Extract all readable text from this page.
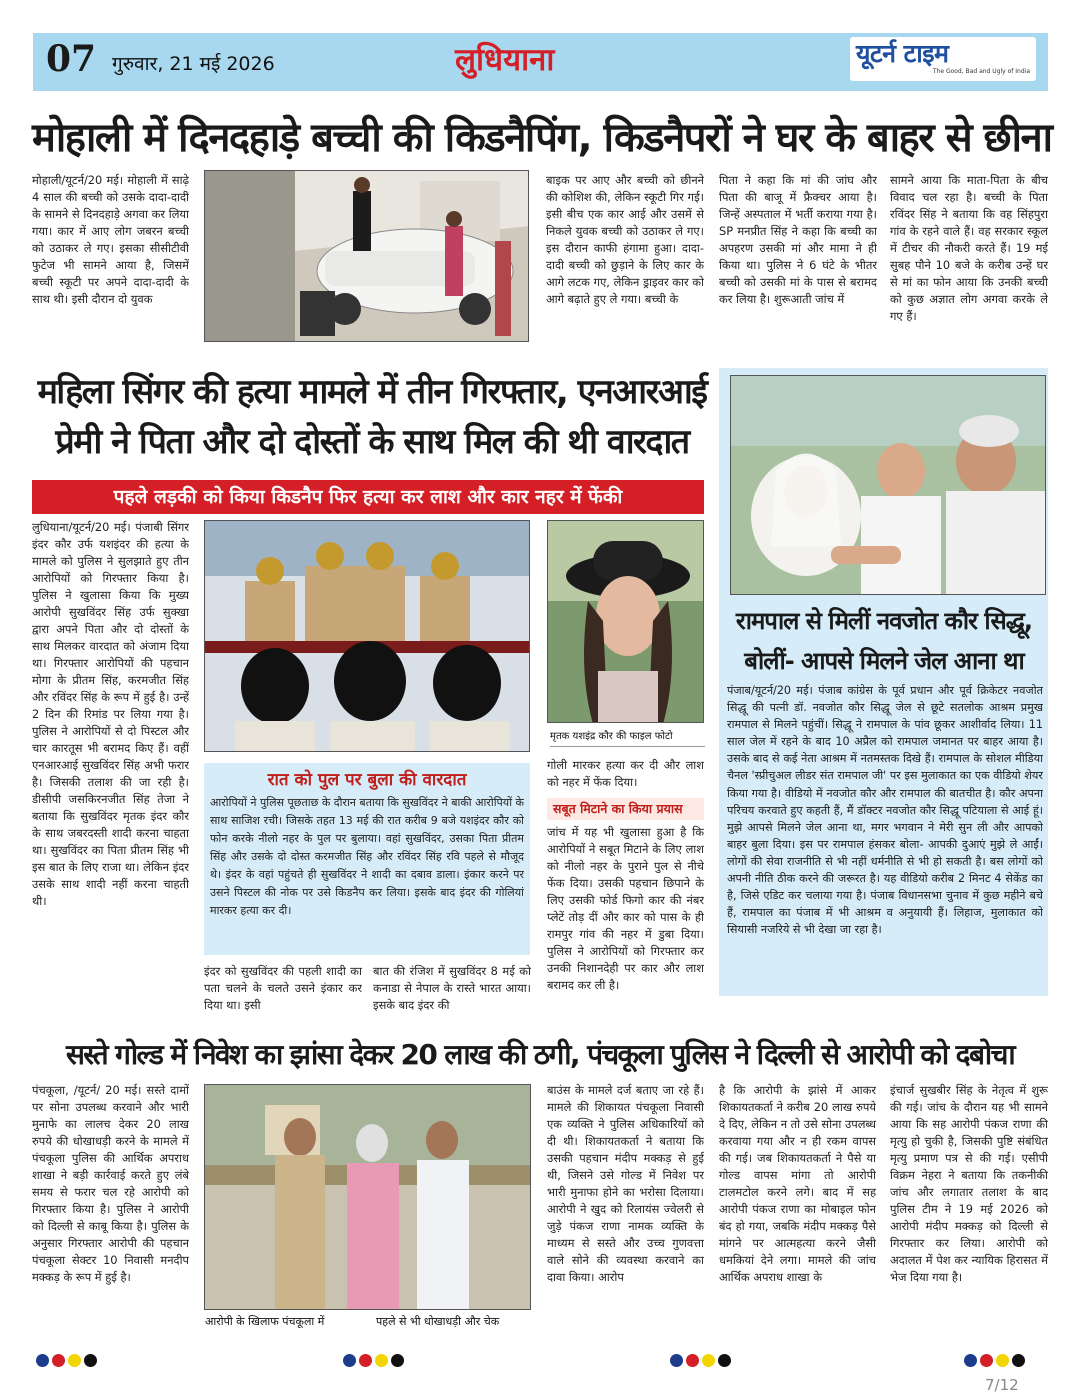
07 गुरुवार, 21 मई 2026	लुधियाना	यूटर्न टाइम
The Good, Bad and Ugly of India
मोहाली में दिनदहाड़े बच्ची की किडनैपिंग, किडनैपरों ने घर के बाहर से छीना
मोहाली/यूटर्न/20 मई। मोहाली में साढ़े 4 साल की बच्ची को उसके दादा-दादी के सामने से दिनदहाड़े अगवा कर लिया गया। कार में आए लोग जबरन बच्ची को उठाकर ले गए। इसका सीसीटीवी फुटेज भी सामने आया है, जिसमें बच्ची स्कूटी पर अपने दादा-दादी के साथ थी। इसी दौरान दो युवक
बाइक पर आए और बच्ची को छीनने की कोशिश की, लेकिन स्कूटी गिर गई। इसी बीच एक कार आई और उसमें से निकले युवक बच्ची को उठाकर ले गए। इस दौरान काफी हंगामा हुआ। दादा-दादी बच्ची को छुड़ाने के लिए कार के आगे लटक गए, लेकिन ड्राइवर कार को आगे बढ़ाते हुए ले गया। बच्ची के
पिता ने कहा कि मां की जांघ और पिता की बाजू में फ्रैक्चर आया है। जिन्हें अस्पताल में भर्ती कराया गया है। SP मनप्रीत सिंह ने कहा कि बच्ची का अपहरण उसकी मां और मामा ने ही किया था। पुलिस ने 6 घंटे के भीतर बच्ची को उसकी मां के पास से बरामद कर लिया है। शुरूआती जांच में
सामने आया कि माता-पिता के बीच विवाद चल रहा है। बच्ची के पिता रविंदर सिंह ने बताया कि वह सिंहपुरा गांव के रहने वाले हैं। वह सरकार स्कूल में टीचर की नौकरी करते हैं। 19 मई सुबह पौने 10 बजे के करीब उन्हें घर से मां का फोन आया कि उनकी बच्ची को कुछ अज्ञात लोग अगवा करके ले गए हैं।
महिला सिंगर की हत्या मामले में तीन गिरफ्तार, एनआरआई
प्रेमी ने पिता और दो दोस्तों के साथ मिल की थी वारदात
पहले लड़की को किया किडनैप फिर हत्या कर लाश और कार नहर में फेंकी
लुधियाना/यूटर्न/20 मई। पंजाबी सिंगर इंदर कौर उर्फ यशइंदर की हत्या के मामले को पुलिस ने सुलझाते हुए तीन आरोपियों को गिरफ्तार किया है। पुलिस ने खुलासा किया कि मुख्य आरोपी सुखविंदर सिंह उर्फ सुक्खा द्वारा अपने पिता और दो दोस्तों के साथ मिलकर वारदात को अंजाम दिया था। गिरफ्तार आरोपियों की पहचान मोगा के प्रीतम सिंह, करमजीत सिंह और रविंदर सिंह के रूप में हुई है। उन्हें 2 दिन की रिमांड पर लिया गया है। पुलिस ने आरोपियों से दो पिस्टल और चार कारतूस भी बरामद किए हैं। वहीं एनआरआई सुखविंदर सिंह अभी फरार है। जिसकी तलाश की जा रही है। डीसीपी जसकिरनजीत सिंह तेजा ने बताया कि सुखविंदर मृतक इंदर कौर के साथ जबरदस्ती शादी करना चाहता था। सुखविंदर का पिता प्रीतम सिंह भी इस बात के लिए राजा था। लेकिन इंदर उसके साथ शादी नहीं करना चाहती थी।
मृतक यशइंद्र कौर की फाइल फोटो
गोली मारकर हत्या कर दी और लाश को नहर में फेंक दिया।
रात को पुल पर बुला की वारदात
आरोपियों ने पुलिस पूछताछ के दौरान बताया कि सुखविंदर ने बाकी आरोपियों के साथ साजिश रची। जिसके तहत 13 मई की रात करीब 9 बजे यशइंदर कौर को फोन करके नीलो नहर के पुल पर बुलाया। वहां सुखविंदर, उसका पिता प्रीतम सिंह और उसके दो दोस्त करमजीत सिंह और रविंदर सिंह रवि पहले से मौजूद थे। इंदर के वहां पहुंचते ही सुखविंदर ने शादी का दबाव डाला। इंकार करने पर उसने पिस्टल की नोक पर उसे किडनैप कर लिया। इसके बाद इंदर की गोलियां मारकर हत्या कर दी।
इंदर को सुखविंदर की पहली शादी का पता चलने के चलते उसने इंकार कर दिया था। इसी
बात की रंजिश में सुखविंदर 8 मई को कनाडा से नेपाल के रास्ते भारत आया। इसके बाद इंदर की
सबूत मिटाने का किया प्रयास
जांच में यह भी खुलासा हुआ है कि आरोपियों ने सबूत मिटाने के लिए लाश को नीलो नहर के पुराने पुल से नीचे फेंक दिया। उसकी पहचान छिपाने के लिए उसकी फोर्ड फिगो कार की नंबर प्लेटें तोड़ दीं और कार को पास के ही रामपुर गांव की नहर में डुबा दिया। पुलिस ने आरोपियों को गिरफ्तार कर उनकी निशानदेही पर कार और लाश बरामद कर ली है।
रामपाल से मिलीं नवजोत कौर सिद्धू,
बोलीं- आपसे मिलने जेल आना था
पंजाब/यूटर्न/20 मई। पंजाब कांग्रेस के पूर्व प्रधान और पूर्व क्रिकेटर नवजोत सिद्धू की पत्नी डॉ. नवजोत कौर सिद्धू जेल से छूटे सतलोक आश्रम प्रमुख रामपाल से मिलने पहुंचीं। सिद्धू ने रामपाल के पांव छूकर आशीर्वाद लिया। 11 साल जेल में रहने के बाद 10 अप्रैल को रामपाल जमानत पर बाहर आया है। उसके बाद से कई नेता आश्रम में नतमस्तक दिखे हैं। रामपाल के सोशल मीडिया चैनल 'स्प्रीचुअल लीडर संत रामपाल जी' पर इस मुलाकात का एक वीडियो शेयर किया गया है। वीडियो में नवजोत कौर और रामपाल की बातचीत है। कौर अपना परिचय करवाते हुए कहती हैं, मैं डॉक्टर नवजोत कौर सिद्धू पटियाला से आई हूं। मुझे आपसे मिलने जेल आना था, मगर भगवान ने मेरी सुन ली और आपको बाहर बुला दिया। इस पर रामपाल हंसकर बोला- आपकी दुआएं मुझे ले आईं। लोगों की सेवा राजनीति से भी नहीं धर्मनीति से भी हो सकती है। बस लोगों को अपनी नीति ठीक करने की जरूरत है। यह वीडियो करीब 2 मिनट 4 सेकेंड का है, जिसे एडिट कर चलाया गया है। पंजाब विधानसभा चुनाव में कुछ महीने बचे हैं, रामपाल का पंजाब में भी आश्रम व अनुयायी हैं। लिहाज, मुलाकात को सियासी नजरिये से भी देखा जा रहा है।
सस्ते गोल्ड में निवेश का झांसा देकर 20 लाख की ठगी, पंचकूला पुलिस ने दिल्ली से आरोपी को दबोचा
पंचकूला, /यूटर्न/ 20 मई। सस्ते दामों पर सोना उपलब्ध करवाने और भारी मुनाफे का लालच देकर 20 लाख रुपये की धोखाधड़ी करने के मामले में पंचकूला पुलिस की आर्थिक अपराध शाखा ने बड़ी कार्रवाई करते हुए लंबे समय से फरार चल रहे आरोपी को गिरफ्तार किया है। पुलिस ने आरोपी को दिल्ली से काबू किया है। पुलिस के अनुसार गिरफ्तार आरोपी की पहचान पंचकूला सेक्टर 10 निवासी मनदीप मक्कड़ के रूप में हुई है।
आरोपी के खिलाफ पंचकूला में	पहले से भी धोखाधड़ी और चेक
बाउंस के मामले दर्ज बताए जा रहे हैं। मामले की शिकायत पंचकूला निवासी एक व्यक्ति ने पुलिस अधिकारियों को दी थी। शिकायतकर्ता ने बताया कि उसकी पहचान मंदीप मक्कड़ से हुई थी, जिसने उसे गोल्ड में निवेश पर भारी मुनाफा होने का भरोसा दिलाया। आरोपी ने खुद को रिलायंस ज्वेलरी से जुड़े पंकज राणा नामक व्यक्ति के माध्यम से सस्ते और उच्च गुणवत्ता वाले सोने की व्यवस्था करवाने का दावा किया। आरोप
है कि आरोपी के झांसे में आकर शिकायतकर्ता ने करीब 20 लाख रुपये दे दिए, लेकिन न तो उसे सोना उपलब्ध करवाया गया और न ही रकम वापस की गई। जब शिकायतकर्ता ने पैसे या गोल्ड वापस मांगा तो आरोपी टालमटोल करने लगे। बाद में सह आरोपी पंकज राणा का मोबाइल फोन बंद हो गया, जबकि मंदीप मक्कड़ पैसे मांगने पर आत्महत्या करने जैसी धमकियां देने लगा। मामले की जांच आर्थिक अपराध शाखा के
इंचार्ज सुखबीर सिंह के नेतृत्व में शुरू की गई। जांच के दौरान यह भी सामने आया कि सह आरोपी पंकज राणा की मृत्यु हो चुकी है, जिसकी पुष्टि संबंधित मृत्यु प्रमाण पत्र से की गई। एसीपी विक्रम नेहरा ने बताया कि तकनीकी जांच और लगातार तलाश के बाद पुलिस टीम ने 19 मई 2026 को आरोपी मंदीप मक्कड़ को दिल्ली से गिरफ्तार कर लिया। आरोपी को अदालत में पेश कर न्यायिक हिरासत में भेज दिया गया है।
7/12
